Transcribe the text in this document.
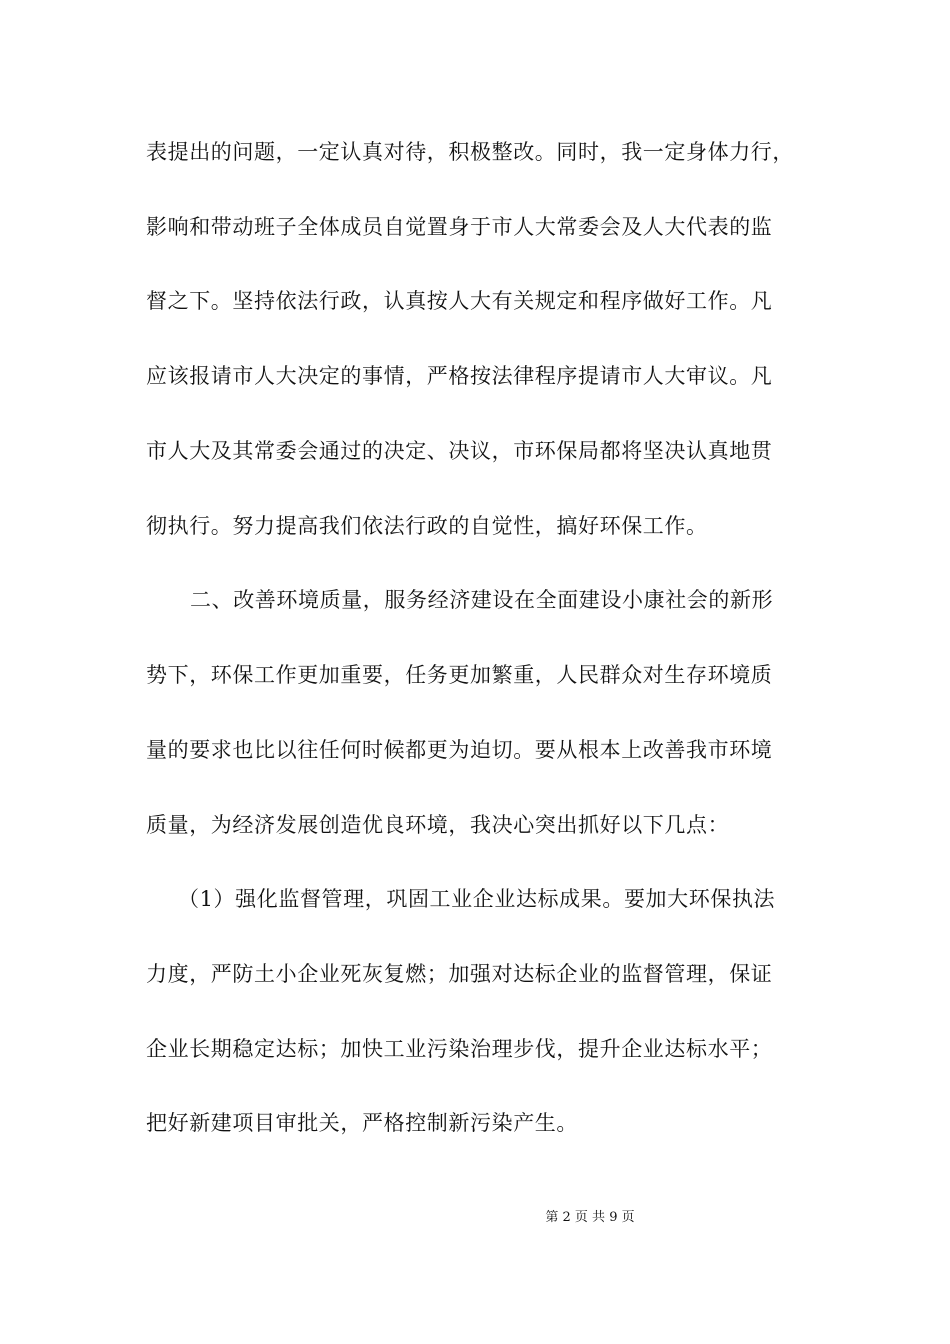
表提出的问题，一定认真对待，积极整改。同时，我一定身体力行，
影响和带动班子全体成员自觉置身于市人大常委会及人大代表的监
督之下。坚持依法行政，认真按人大有关规定和程序做好工作。凡
应该报请市人大决定的事情，严格按法律程序提请市人大审议。凡
市人大及其常委会通过的决定、决议，市环保局都将坚决认真地贯
彻执行。努力提高我们依法行政的自觉性，搞好环保工作。
二、改善环境质量，服务经济建设在全面建设小康社会的新形
势下，环保工作更加重要，任务更加繁重，人民群众对生存环境质
量的要求也比以往任何时候都更为迫切。要从根本上改善我市环境
质量，为经济发展创造优良环境，我决心突出抓好以下几点：
（1）强化监督管理，巩固工业企业达标成果。要加大环保执法
力度，严防土小企业死灰复燃；加强对达标企业的监督管理，保证
企业长期稳定达标；加快工业污染治理步伐，提升企业达标水平；
把好新建项目审批关，严格控制新污染产生。
第 2 页 共 9 页
